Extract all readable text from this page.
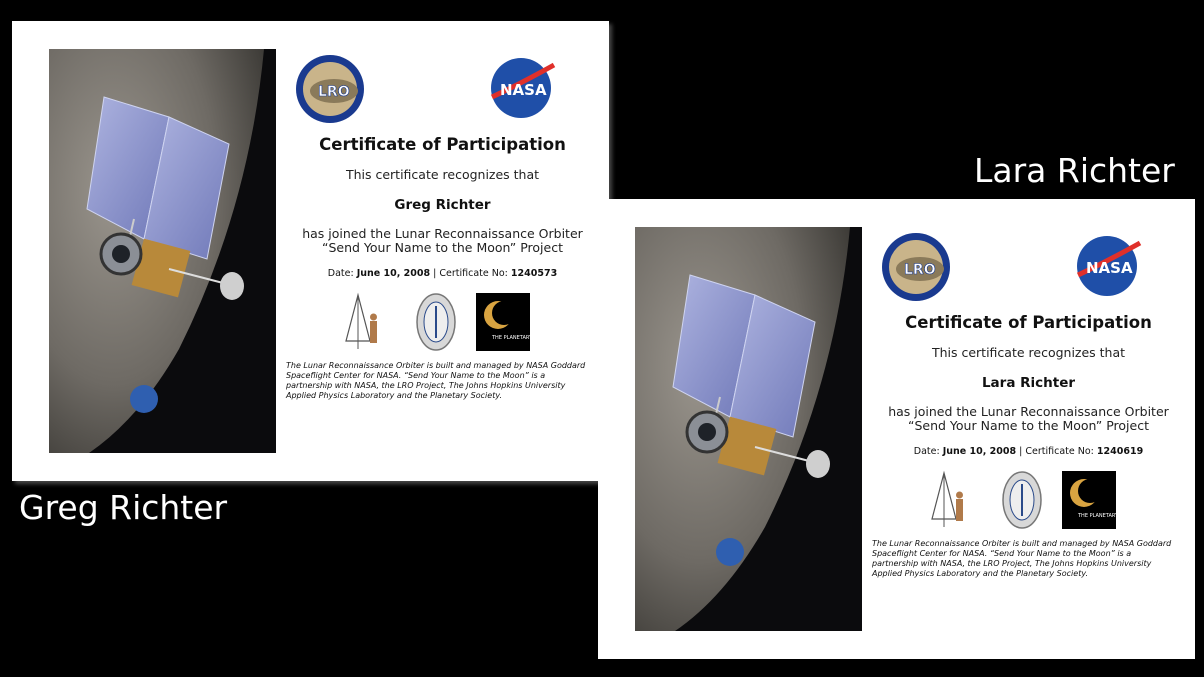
LRO	NASA
Certificate of Participation
This certificate recognizes that
Greg Richter
has joined the Lunar Reconnaissance Orbiter
“Send Your Name to the Moon” Project
Date: June 10, 2008 | Certificate No: 1240573
THE PLANETARY SOCIETY
The Lunar Reconnaissance Orbiter is built and managed by NASA Goddard Spaceflight Center for NASA. “Send Your Name to the Moon” is a partnership with NASA, the LRO Project, The Johns Hopkins University Applied Physics Laboratory and the Planetary Society.
LRO	NASA
Certificate of Participation
This certificate recognizes that
Lara Richter
has joined the Lunar Reconnaissance Orbiter
“Send Your Name to the Moon” Project
Date: June 10, 2008 | Certificate No: 1240619
THE PLANETARY SOCIETY
The Lunar Reconnaissance Orbiter is built and managed by NASA Goddard Spaceflight Center for NASA. “Send Your Name to the Moon” is a partnership with NASA, the LRO Project, The Johns Hopkins University Applied Physics Laboratory and the Planetary Society.
Greg Richter
Lara Richter
